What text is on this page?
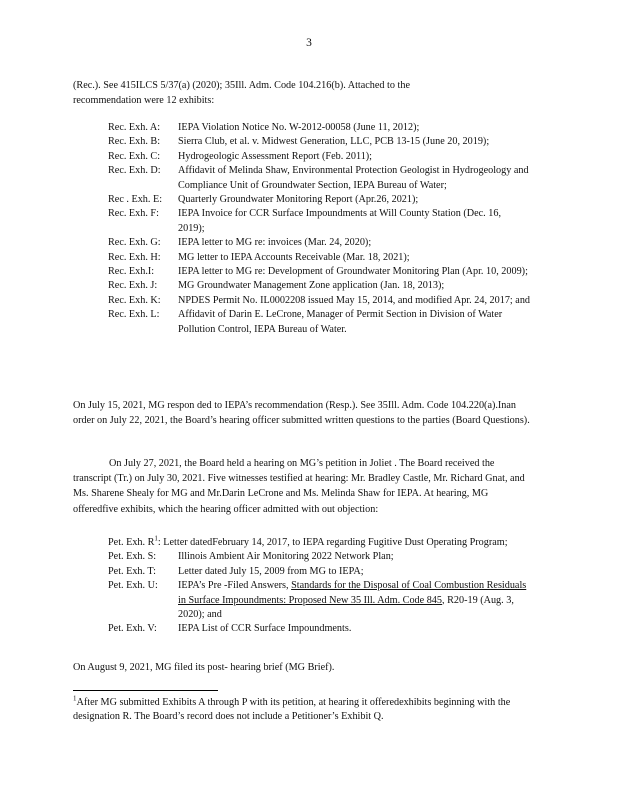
3
(Rec.). See 415ILCS 5/37(a) (2020); 35Ill. Adm. Code 104.216(b). Attached to the
recommendation were 12 exhibits:
Rec. Exh. A:	IEPA Violation Notice No. W-2012-00058 (June 11, 2012);
Rec. Exh. B:	Sierra Club, et al. v. Midwest Generation, LLC, PCB 13-15 (June 20, 2019);
Rec. Exh. C:	Hydrogeologic Assessment Report (Feb. 2011);
Rec. Exh. D:	Affidavit of Melinda Shaw, Environmental Protection Geologist in Hydrogeology and Compliance Unit of Groundwater Section, IEPA Bureau of Water;
Rec . Exh. E:	Quarterly Groundwater Monitoring Report (Apr.26, 2021);
Rec. Exh. F:	IEPA Invoice for CCR Surface Impoundments at Will County Station (Dec. 16, 2019);
Rec. Exh. G:	IEPA letter to MG re: invoices (Mar. 24, 2020);
Rec. Exh. H:	MG letter to IEPA Accounts Receivable (Mar. 18, 2021);
Rec. Exh.I:	IEPA letter to MG re: Development of Groundwater Monitoring Plan (Apr. 10, 2009);
Rec. Exh. J:	MG Groundwater Management Zone application (Jan. 18, 2013);
Rec. Exh. K:	NPDES Permit No. IL0002208 issued May 15, 2014, and modified Apr. 24, 2017; and
Rec. Exh. L:	Affidavit of Darin E. LeCrone, Manager of Permit Section in Division of Water Pollution Control, IEPA Bureau of Water.
On July 15, 2021, MG respon ded to IEPA’s recommendation (Resp.). See 35Ill. Adm. Code 104.220(a).Inan order on July 22, 2021, the Board’s hearing officer submitted written questions to the parties (Board Questions).
On July 27, 2021, the Board held a hearing on MG’s petition in Joliet . The Board received the transcript (Tr.) on July 30, 2021. Five witnesses testified at hearing: Mr. Bradley Castle, Mr. Richard Gnat, and Ms. Sharene Shealy for MG and Mr.Darin LeCrone and Ms. Melinda Shaw for IEPA. At hearing, MG offeredfive exhibits, which the hearing officer admitted with out objection:
Pet. Exh. $R^1$ : Letter datedFebruary 14, 2017, to IEPA regarding Fugitive Dust Operating Program;
Pet. Exh. S:	Illinois Ambient Air Monitoring 2022 Network Plan;
Pet. Exh. T:	Letter dated July 15, 2009 from MG to IEPA;
Pet. Exh. U:	IEPA’s Pre -Filed Answers, Standards for the Disposal of Coal Combustion Residuals in Surface Impoundments: Proposed New 35 Ill. Adm. Code 845, R20-19 (Aug. 3, 2020); and
Pet. Exh. V:	IEPA List of CCR Surface Impoundments.
On August 9, 2021, MG filed its post- hearing brief (MG Brief).
$^1$After MG submitted Exhibits A through P with its petition, at hearing it offeredexhibits beginning with the designation R. The Board’s record does not include a Petitioner’s Exhibit Q.
